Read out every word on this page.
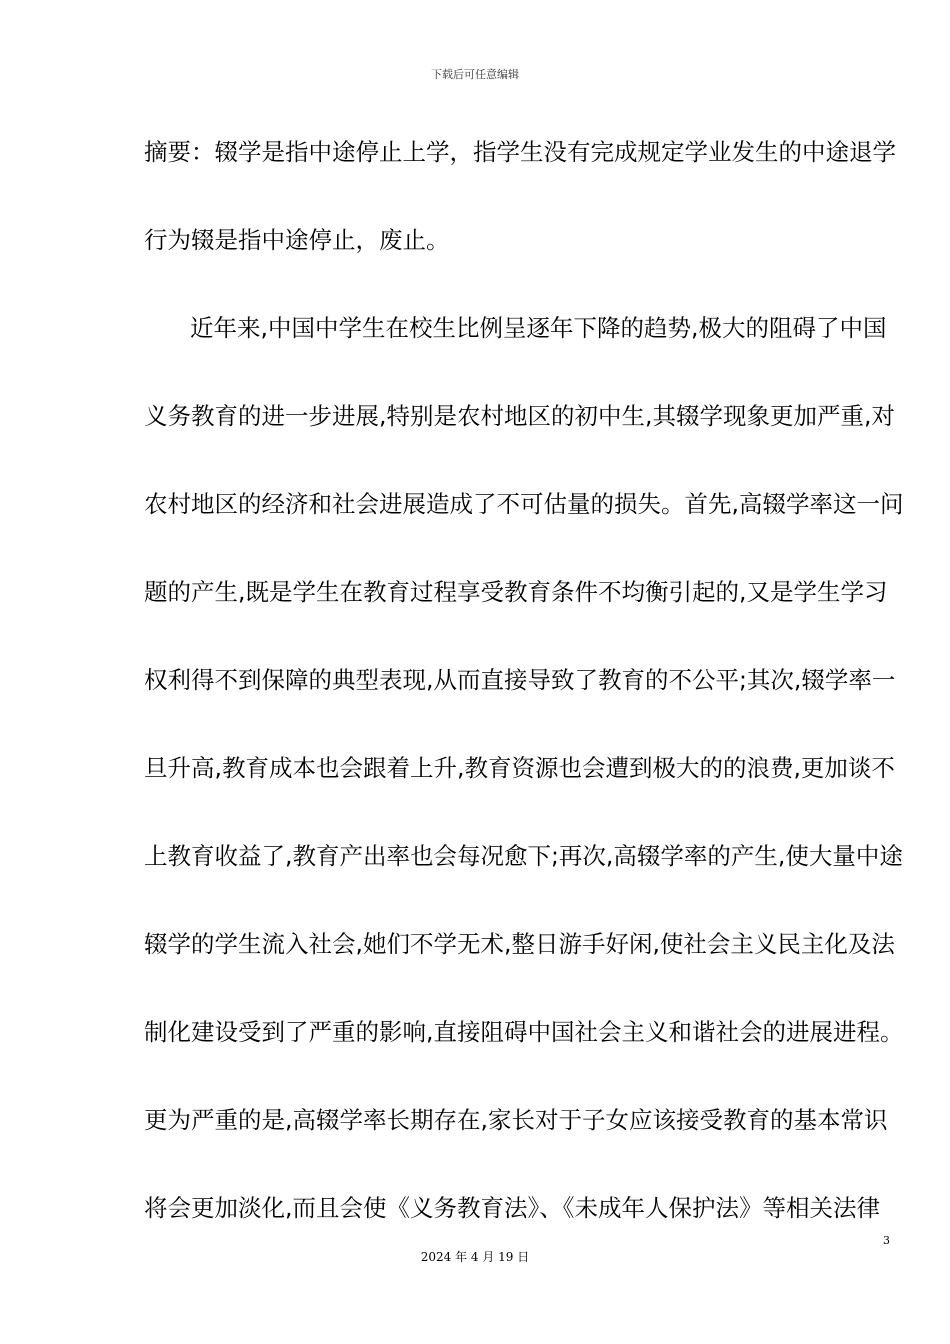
下载后可任意编辑
摘要：辍学是指中途停止上学，指学生没有完成规定学业发生的中途退学
行为辍是指中途停止，废止。
近年来,中国中学生在校生比例呈逐年下降的趋势,极大的阻碍了中国
义务教育的进一步进展,特别是农村地区的初中生,其辍学现象更加严重,对
农村地区的经济和社会进展造成了不可估量的损失。首先,高辍学率这一问
题的产生,既是学生在教育过程享受教育条件不均衡引起的,又是学生学习
权利得不到保障的典型表现,从而直接导致了教育的不公平;其次,辍学率一
旦升高,教育成本也会跟着上升,教育资源也会遭到极大的的浪费,更加谈不
上教育收益了,教育产出率也会每况愈下;再次,高辍学率的产生,使大量中途
辍学的学生流入社会,她们不学无术,整日游手好闲,使社会主义民主化及法
制化建设受到了严重的影响,直接阻碍中国社会主义和谐社会的进展进程。
更为严重的是,高辍学率长期存在,家长对于子女应该接受教育的基本常识
将会更加淡化,而且会使《义务教育法》、《未成年人保护法》等相关法律
3
2024 年 4 月 19 日
